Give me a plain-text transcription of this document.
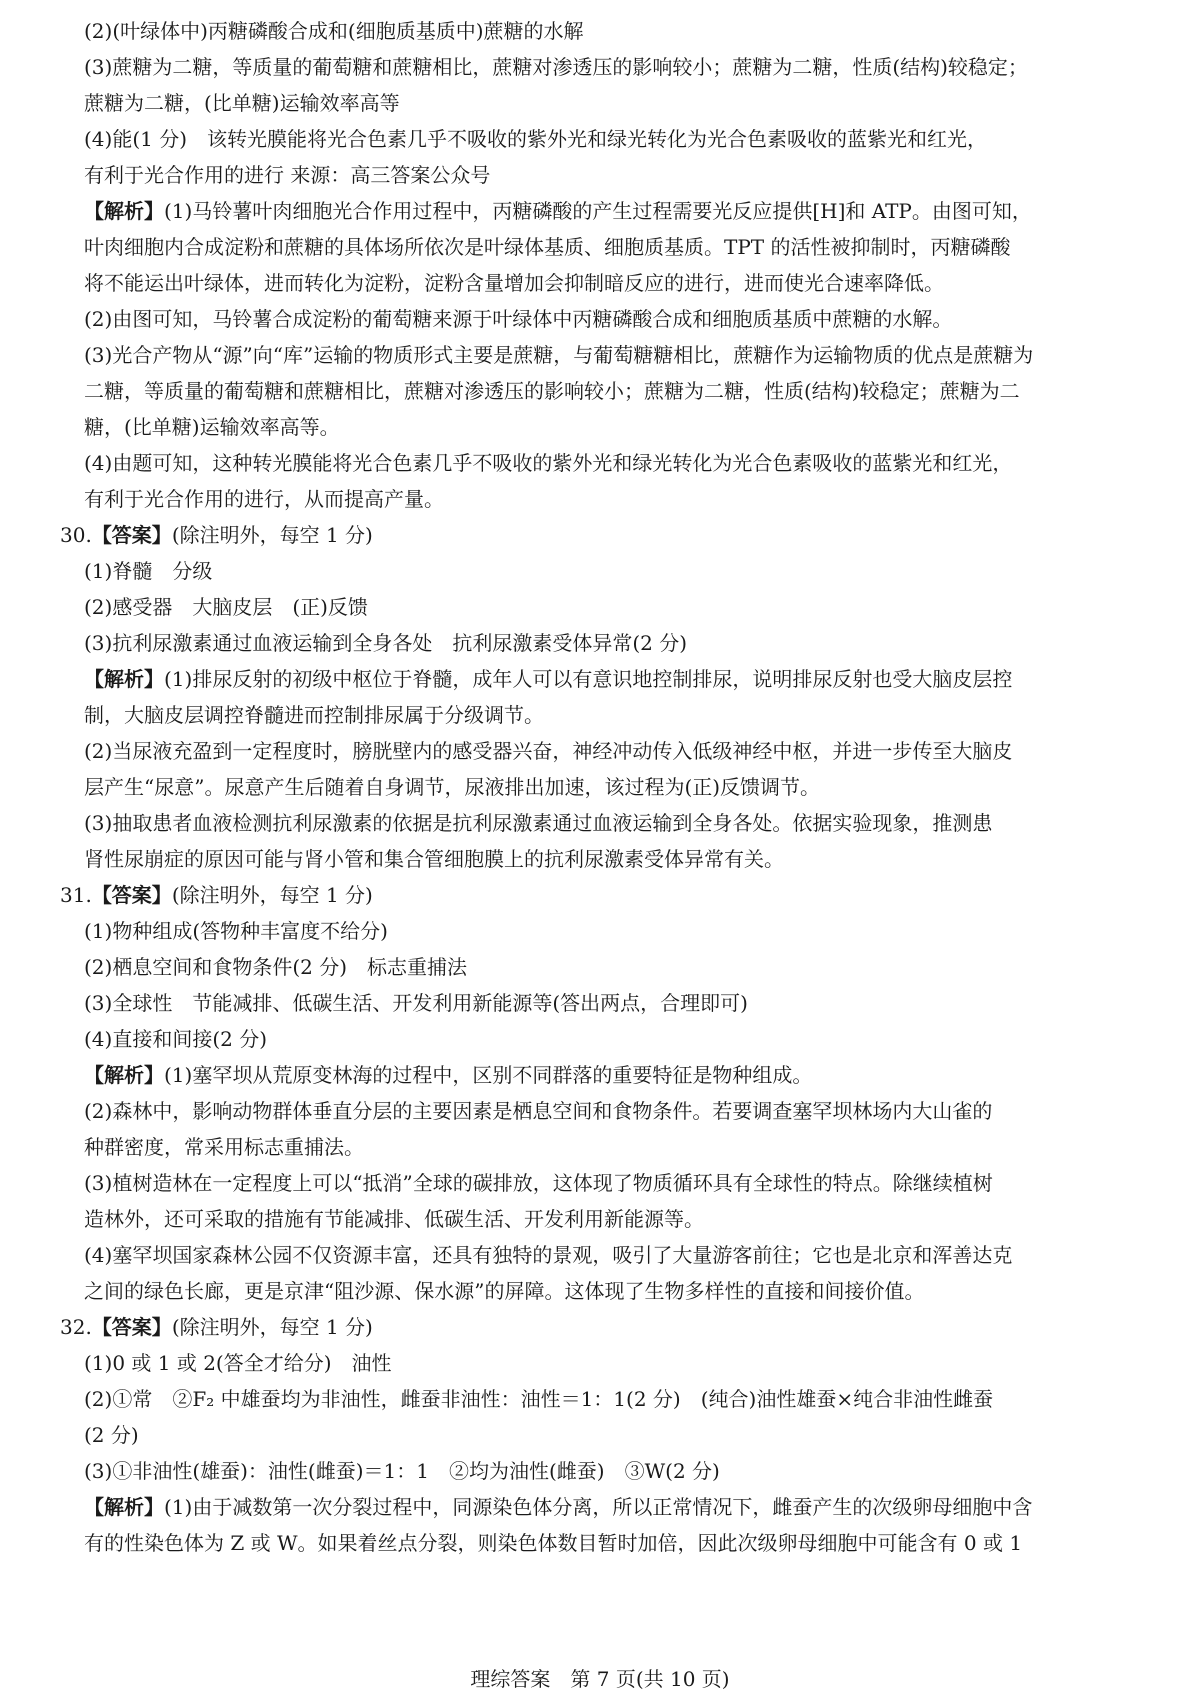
(2)(叶绿体中)丙糖磷酸合成和(细胞质基质中)蔗糖的水解
(3)蔗糖为二糖，等质量的葡萄糖和蔗糖相比，蔗糖对渗透压的影响较小；蔗糖为二糖，性质(结构)较稳定；
蔗糖为二糖，(比单糖)运输效率高等
(4)能(1 分)　该转光膜能将光合色素几乎不吸收的紫外光和绿光转化为光合色素吸收的蓝紫光和红光，
有利于光合作用的进行 来源：高三答案公众号
【解析】(1)马铃薯叶肉细胞光合作用过程中，丙糖磷酸的产生过程需要光反应提供[H]和 ATP。由图可知，
叶肉细胞内合成淀粉和蔗糖的具体场所依次是叶绿体基质、细胞质基质。TPT 的活性被抑制时，丙糖磷酸
将不能运出叶绿体，进而转化为淀粉，淀粉含量增加会抑制暗反应的进行，进而使光合速率降低。
(2)由图可知，马铃薯合成淀粉的葡萄糖来源于叶绿体中丙糖磷酸合成和细胞质基质中蔗糖的水解。
(3)光合产物从“源”向“库”运输的物质形式主要是蔗糖，与葡萄糖糖相比，蔗糖作为运输物质的优点是蔗糖为
二糖，等质量的葡萄糖和蔗糖相比，蔗糖对渗透压的影响较小；蔗糖为二糖，性质(结构)较稳定；蔗糖为二
糖，(比单糖)运输效率高等。
(4)由题可知，这种转光膜能将光合色素几乎不吸收的紫外光和绿光转化为光合色素吸收的蓝紫光和红光，
有利于光合作用的进行，从而提高产量。
30.【答案】(除注明外，每空 1 分)
(1)脊髓　分级
(2)感受器　大脑皮层　(正)反馈
(3)抗利尿激素通过血液运输到全身各处　抗利尿激素受体异常(2 分)
【解析】(1)排尿反射的初级中枢位于脊髓，成年人可以有意识地控制排尿，说明排尿反射也受大脑皮层控
制，大脑皮层调控脊髓进而控制排尿属于分级调节。
(2)当尿液充盈到一定程度时，膀胱壁内的感受器兴奋，神经冲动传入低级神经中枢，并进一步传至大脑皮
层产生“尿意”。尿意产生后随着自身调节，尿液排出加速，该过程为(正)反馈调节。
(3)抽取患者血液检测抗利尿激素的依据是抗利尿激素通过血液运输到全身各处。依据实验现象，推测患
肾性尿崩症的原因可能与肾小管和集合管细胞膜上的抗利尿激素受体异常有关。
31.【答案】(除注明外，每空 1 分)
(1)物种组成(答物种丰富度不给分)
(2)栖息空间和食物条件(2 分)　标志重捕法
(3)全球性　节能减排、低碳生活、开发利用新能源等(答出两点，合理即可)
(4)直接和间接(2 分)
【解析】(1)塞罕坝从荒原变林海的过程中，区别不同群落的重要特征是物种组成。
(2)森林中，影响动物群体垂直分层的主要因素是栖息空间和食物条件。若要调查塞罕坝林场内大山雀的
种群密度，常采用标志重捕法。
(3)植树造林在一定程度上可以“抵消”全球的碳排放，这体现了物质循环具有全球性的特点。除继续植树
造林外，还可采取的措施有节能减排、低碳生活、开发利用新能源等。
(4)塞罕坝国家森林公园不仅资源丰富，还具有独特的景观，吸引了大量游客前往；它也是北京和浑善达克
之间的绿色长廊，更是京津“阻沙源、保水源”的屏障。这体现了生物多样性的直接和间接价值。
32.【答案】(除注明外，每空 1 分)
(1)0 或 1 或 2(答全才给分)　油性
(2)①常　②F₂ 中雄蚕均为非油性，雌蚕非油性：油性＝1：1(2 分)　(纯合)油性雄蚕×纯合非油性雌蚕
(2 分)
(3)①非油性(雄蚕)：油性(雌蚕)＝1：1　②均为油性(雌蚕)　③W(2 分)
【解析】(1)由于减数第一次分裂过程中，同源染色体分离，所以正常情况下，雌蚕产生的次级卵母细胞中含
有的性染色体为 Z 或 W。如果着丝点分裂，则染色体数目暂时加倍，因此次级卵母细胞中可能含有 0 或 1
理综答案　第 7 页(共 10 页)
